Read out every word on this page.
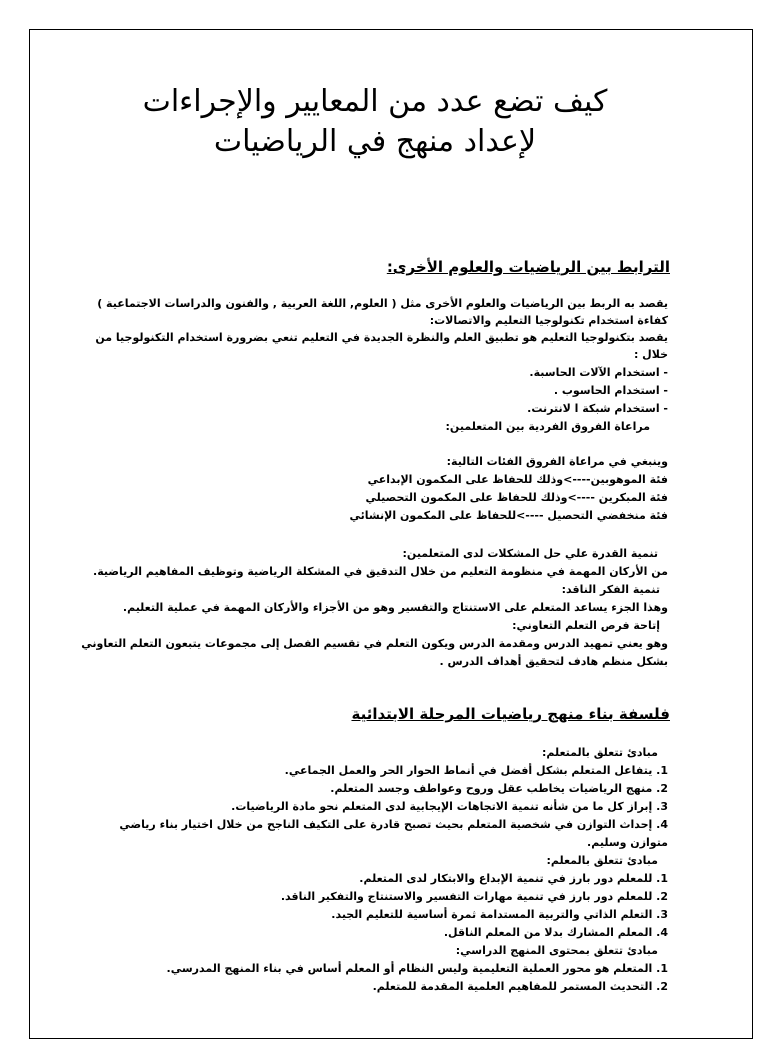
كيف تضع عدد من المعايير والإجراءات لإعداد منهج في الرياضيات
الترابط بين الرياضيات والعلوم الأخرى:
يقصد به الربط بين الرياضيات والعلوم الأخرى مثل ( العلوم, اللغة العربية , والفنون والدراسات الاجتماعية )
كفاءة استخدام تكنولوجيا التعليم والاتصالات:
يقصد بتكنولوجيا التعليم هو تطبيق العلم والنظرة الجديدة في التعليم تنعي بضرورة استخدام التكنولوجيا من
خلال :
- استخدام الآلات الحاسبة.
- استخدام الحاسوب .
- استخدام شبكة ا لانترنت.
مراعاة الفروق الفردية بين المتعلمين:
وينبغي في مراعاة الفروق الفئات التالية:
فئة الموهوبين---->وذلك للحفاظ على المكمون الإبداعي
فئة المبكرين ---->وذلك للحفاظ على المكمون التحصيلي
فئة منخفضي التحصيل ---->للحفاظ على المكمون الإنشائي
تنمية القدرة علي حل المشكلات لدى المتعلمين:
من الأركان المهمة في منظومة التعليم من خلال التدقيق في المشكلة الرياضية وتوظيف المفاهيم الرياضية.
تنمية الفكر الناقد:
وهذا الجزء يساعد المتعلم على الاستنتاج والتفسير وهو من الأجزاء والأركان المهمة في عملية التعليم.
إتاحة فرص التعلم التعاوني:
وهو يعني تمهيد الدرس ومقدمة الدرس ويكون التعلم في تقسيم الفصل إلى مجموعات يتبعون التعلم التعاوني
بشكل منظم هادف لتحقيق أهداف الدرس .
فلسفة بناء منهج رياضيات المرحلة الابتدائية
مبادئ تتعلق بالمتعلم:
1. يتفاعل المتعلم بشكل أفضل في أنماط الحوار الحر والعمل الجماعي.
2. منهج الرياضيات يخاطب عقل وروح وعواطف وجسد المتعلم.
3. إبراز كل ما من شأنه تنمية الاتجاهات الإيجابية لدى المتعلم نحو مادة الرياضيات.
4. إحداث التوازن في شخصية المتعلم بحيث تصبح قادرة على التكيف الناجح من خلال اختيار بناء رياضي
متوازن وسليم.
مبادئ تتعلق بالمعلم:
1. للمعلم دور بارز في تنمية الإبداع والابتكار لدى المتعلم.
2. للمعلم دور بارز في تنمية مهارات التفسير والاستنتاج والتفكير الناقد.
3. التعلم الذاتي والتربية المستدامة ثمرة أساسية للتعليم الجيد.
4. المعلم المشارك بدلا من المعلم الناقل.
مبادئ تتعلق بمحتوى المنهج الدراسي:
1. المتعلم هو محور العملية التعليمية وليس النظام أو المعلم أساس في بناء المنهج المدرسي.
2. التحديث المستمر للمفاهيم العلمية المقدمة للمتعلم.
